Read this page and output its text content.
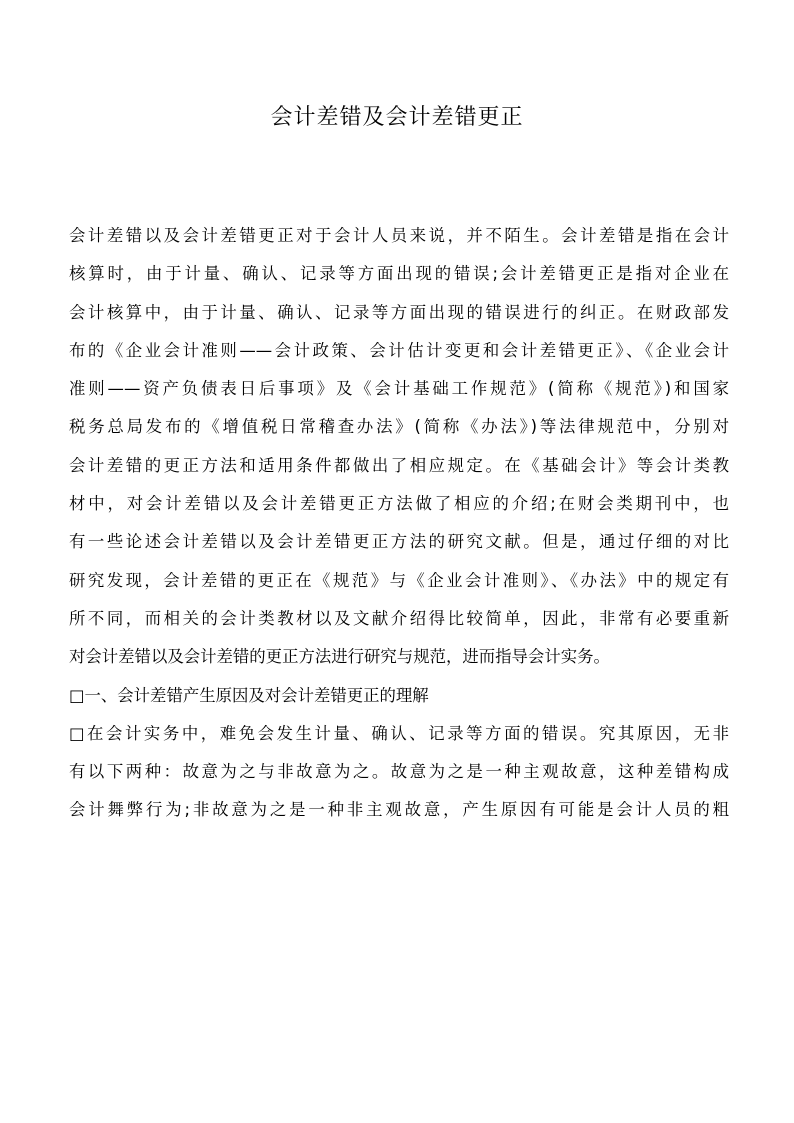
会计差错及会计差错更正
会计差错以及会计差错更正对于会计人员来说，并不陌生。会计差错是指在会计
核算时，由于计量、确认、记录等方面出现的错误;会计差错更正是指对企业在
会计核算中，由于计量、确认、记录等方面出现的错误进行的纠正。在财政部发
布的《企业会计准则——会计政策、会计估计变更和会计差错更正》、《企业会计
准则——资产负债表日后事项》及《会计基础工作规范》(简称《规范》)和国家
税务总局发布的《增值税日常稽查办法》(简称《办法》)等法律规范中，分别对
会计差错的更正方法和适用条件都做出了相应规定。在《基础会计》等会计类教
材中，对会计差错以及会计差错更正方法做了相应的介绍;在财会类期刊中，也
有一些论述会计差错以及会计差错更正方法的研究文献。但是，通过仔细的对比
研究发现，会计差错的更正在《规范》与《企业会计准则》、《办法》中的规定有
所不同，而相关的会计类教材以及文献介绍得比较简单，因此，非常有必要重新
对会计差错以及会计差错的更正方法进行研究与规范，进而指导会计实务。
□一、会计差错产生原因及对会计差错更正的理解
□在会计实务中，难免会发生计量、确认、记录等方面的错误。究其原因，无非
有以下两种：故意为之与非故意为之。故意为之是一种主观故意，这种差错构成
会计舞弊行为;非故意为之是一种非主观故意，产生原因有可能是会计人员的粗
